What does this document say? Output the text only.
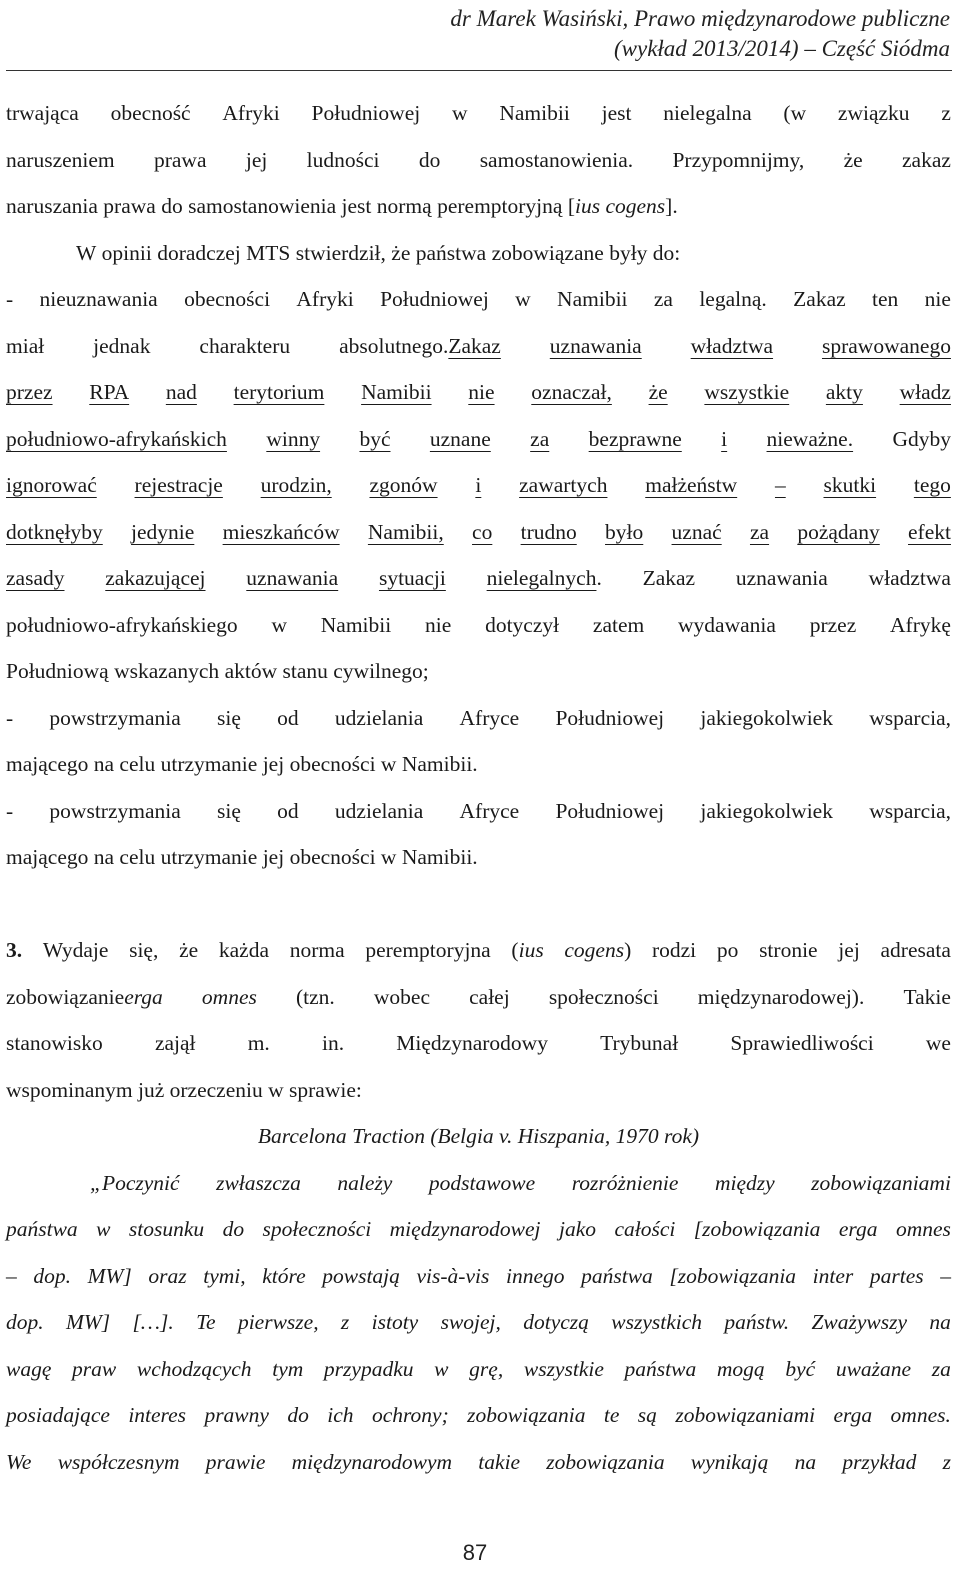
dr Marek Wasiński, Prawo międzynarodowe publiczne
(wykład 2013/2014) – Część Siódma
trwająca obecność Afryki Południowej w Namibii jest nielegalna (w związku z
naruszeniem prawa jej ludności do samostanowienia. Przypomnijmy, że zakaz
naruszania
prawa
do
samostanowienia
jest
normą
peremptoryjną
[ius
cogens].
W
opinii
doradczej
MTS
stwierdził,
że
państwa
zobowiązane
były
do:
- nieuznawania obecności Afryki Południowej w Namibii za legalną. Zakaz ten nie
miał jednak charakteru absolutnego.Zakaz uznawania władztwa sprawowanego
przez RPA nad terytorium Namibii nie oznaczał, że wszystkie akty władz
południowo-afrykańskich winny być uznane za bezprawne i nieważne. Gdyby
ignorować rejestracje urodzin, zgonów i zawartych małżeństw – skutki tego
dotknęłyby jedynie mieszkańców Namibii, co trudno było uznać za pożądany efekt
zasady zakazującej uznawania sytuacji nielegalnych. Zakaz uznawania władztwa
południowo-afrykańskiego w Namibii nie dotyczył zatem wydawania przez Afrykę
Południową
wskazanych
aktów
stanu
cywilnego;
- powstrzymania się od udzielania Afryce Południowej jakiegokolwiek wsparcia,
mającego
na
celu
utrzymanie
jej
obecności
w
Namibii.
- powstrzymania się od udzielania Afryce Południowej jakiegokolwiek wsparcia,
mającego
na
celu
utrzymanie
jej
obecności
w
Namibii.
3. Wydaje się, że każda norma peremptoryjna (ius cogens) rodzi po stronie jej adresata
zobowiązanieerga omnes (tzn. wobec całej społeczności międzynarodowej). Takie
stanowisko zajął m. in. Międzynarodowy Trybunał Sprawiedliwości we
wspominanym
już
orzeczeniu
w
sprawie:
Barcelona
Traction
(Belgia
v.
Hiszpania,
1970
rok)
„Poczynić zwłaszcza należy podstawowe rozróżnienie między zobowiązaniami
państwa w stosunku do społeczności międzynarodowej jako całości [zobowiązania erga omnes
– dop. MW] oraz tymi, które powstają vis-à-vis innego państwa [zobowiązania inter partes –
dop. MW] […]. Te pierwsze, z istoty swojej, dotyczą wszystkich państw. Zważywszy na
wagę praw wchodzących tym przypadku w grę, wszystkie państwa mogą być uważane za
posiadające interes prawny do ich ochrony; zobowiązania te są zobowiązaniami erga omnes.
We współczesnym prawie międzynarodowym takie zobowiązania wynikają na przykład z
87
